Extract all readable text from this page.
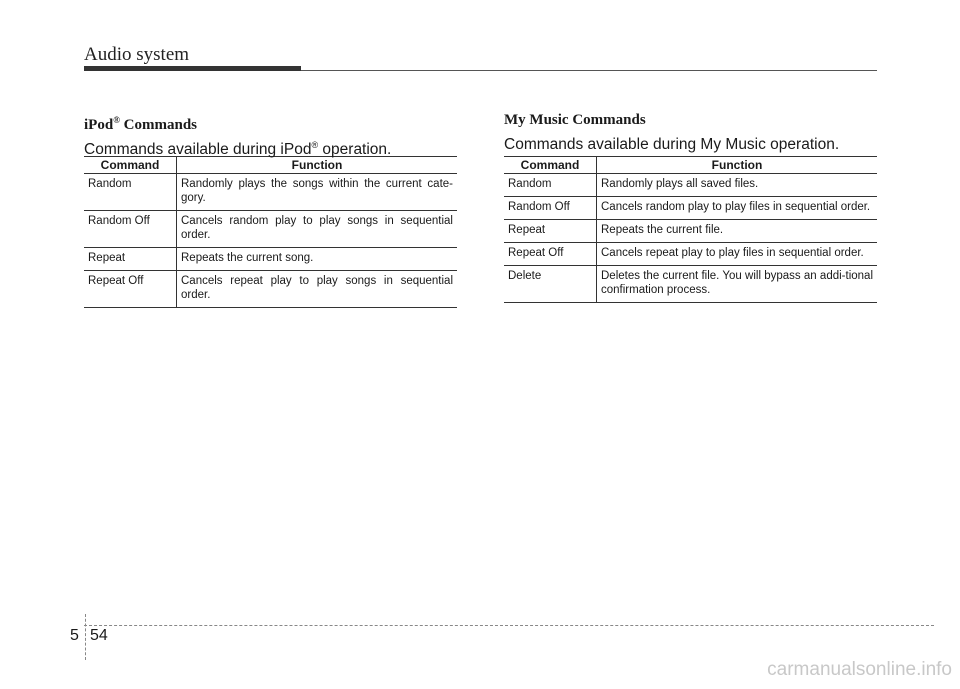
Audio system
iPod® Commands
Commands available during iPod® operation.
Command	Function
Random	Randomly plays the songs within the current cate-gory.
Random Off	Cancels random play to play songs in sequential order.
Repeat	Repeats the current song.
Repeat Off	Cancels repeat play to play songs in sequential order.
My Music Commands
Commands available during My Music operation.
Command	Function
Random	Randomly plays all saved files.
Random Off	Cancels random play to play files in sequential order.
Repeat	Repeats the current file.
Repeat Off	Cancels repeat play to play files in sequential order.
Delete	Deletes the current file. You will bypass an addi-tional confirmation process.
5 54
carmanualsonline.info
